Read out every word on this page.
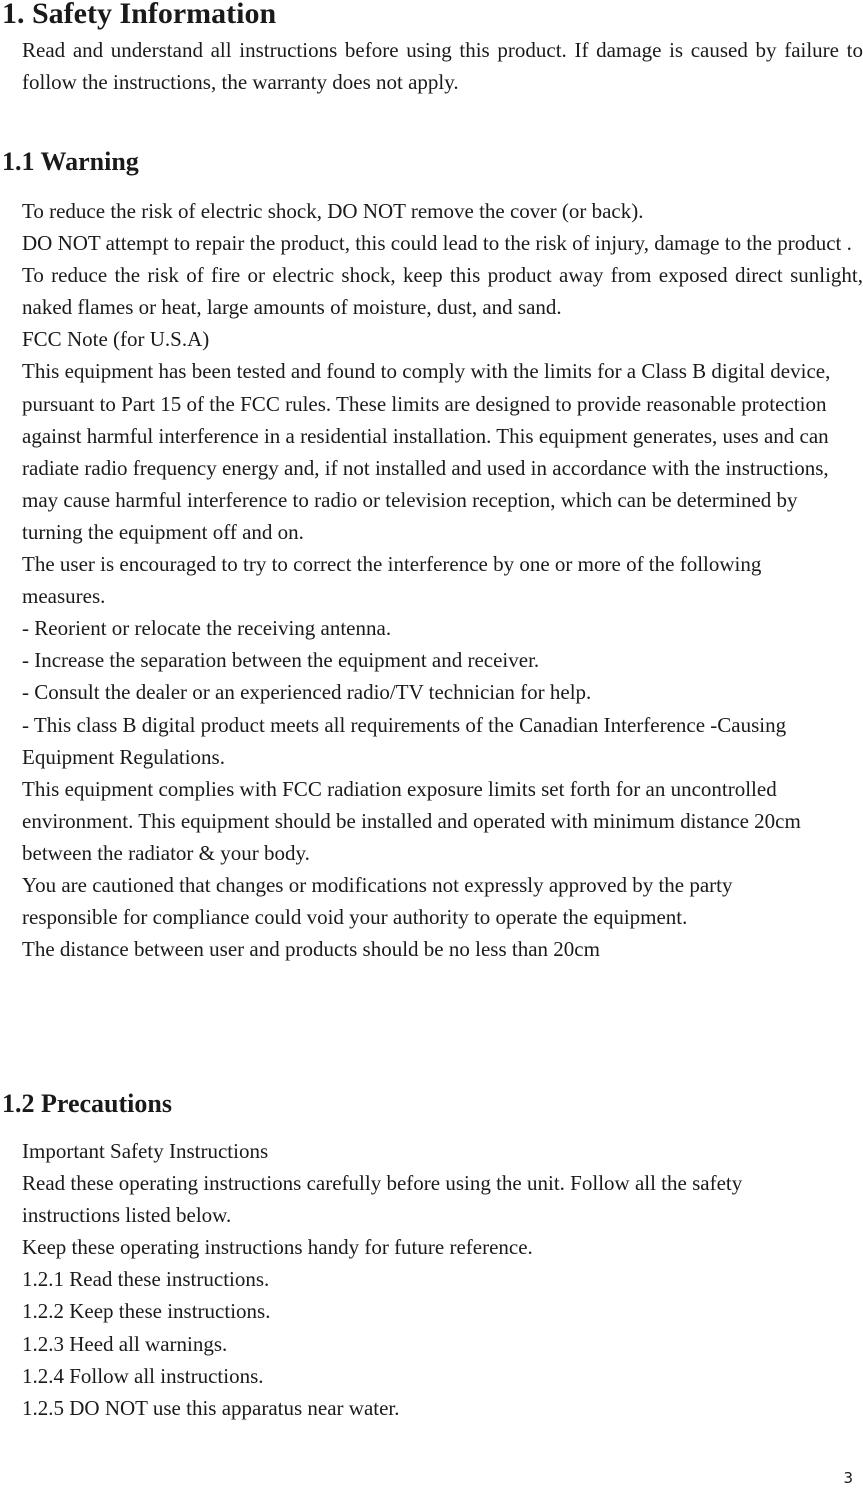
1. Safety Information

Read and understand all instructions before using this product. If damage is caused by failure to follow the instructions, the warranty does not apply.

1.1 Warning

To reduce the risk of electric shock, DO NOT remove the cover (or back).

DO NOT attempt to repair the product, this could lead to the risk of injury, damage to the product .

To reduce the risk of fire or electric shock, keep this product away from exposed direct sunlight, naked flames or heat, large amounts of moisture, dust, and sand.

FCC Note (for U.S.A)

This equipment has been tested and found to comply with the limits for a Class B digital device, pursuant to Part 15 of the FCC rules. These limits are designed to provide reasonable protection against harmful interference in a residential installation. This equipment generates, uses and can radiate radio frequency energy and, if not installed and used in accordance with the instructions, may cause harmful interference to radio or television reception, which can be determined by turning the equipment off and on.

The user is encouraged to try to correct the interference by one or more of the following measures.

- Reorient or relocate the receiving antenna.

- Increase the separation between the equipment and receiver.

- Consult the dealer or an experienced radio/TV technician for help.

- This class B digital product meets all requirements of the Canadian Interference -Causing Equipment Regulations.

This equipment complies with FCC radiation exposure limits set forth for an uncontrolled environment. This equipment should be installed and operated with minimum distance 20cm between the radiator & your body.

You are cautioned that changes or modifications not expressly approved by the party responsible for compliance could void your authority to operate the equipment.

The distance between user and products should be no less than 20cm

1.2 Precautions

Important Safety Instructions

Read these operating instructions carefully before using the unit. Follow all the safety instructions listed below.

Keep these operating instructions handy for future reference.

1.2.1 Read these instructions.

1.2.2 Keep these instructions.

1.2.3 Heed all warnings.

1.2.4 Follow all instructions.

1.2.5 DO NOT use this apparatus near water.

3
